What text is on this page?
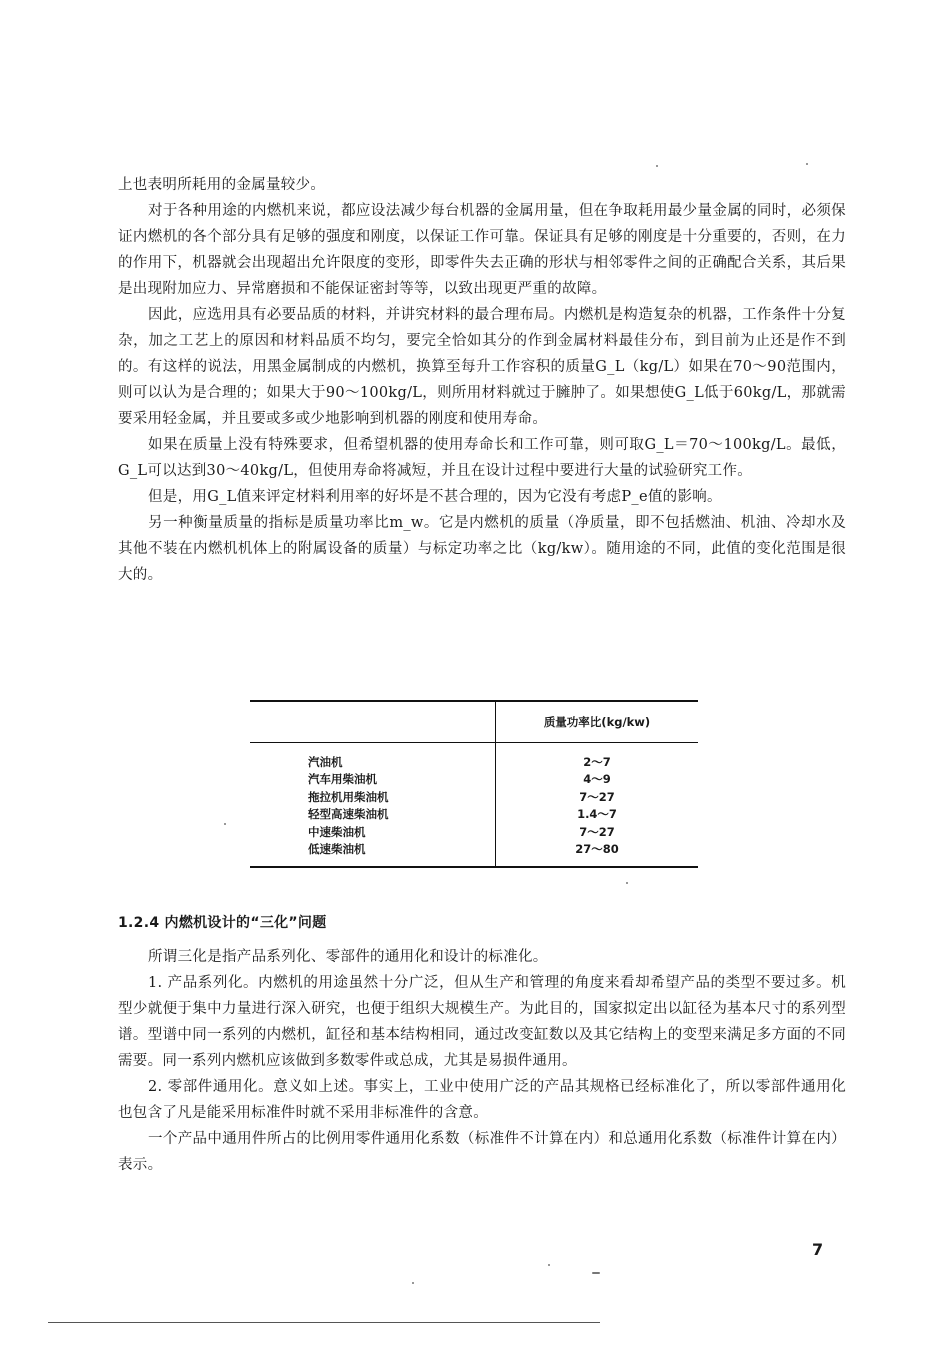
上也表明所耗用的金属量较少。

对于各种用途的内燃机来说，都应设法减少每台机器的金属用量，但在争取耗用最少量金属的同时，必须保证内燃机的各个部分具有足够的强度和刚度，以保证工作可靠。保证具有足够的刚度是十分重要的，否则，在力的作用下，机器就会出现超出允许限度的变形，即零件失去正确的形状与相邻零件之间的正确配合关系，其后果是出现附加应力、异常磨损和不能保证密封等等，以致出现更严重的故障。

因此，应选用具有必要品质的材料，并讲究材料的最合理布局。内燃机是构造复杂的机器，工作条件十分复杂，加之工艺上的原因和材料品质不均匀，要完全恰如其分的作到金属材料最佳分布，到目前为止还是作不到的。有这样的说法，用黑金属制成的内燃机，换算至每升工作容积的质量G_L（kg/L）如果在70～90范围内，则可以认为是合理的；如果大于90～100kg/L，则所用材料就过于臃肿了。如果想使G_L低于60kg/L，那就需要采用轻金属，并且要或多或少地影响到机器的刚度和使用寿命。

如果在质量上没有特殊要求，但希望机器的使用寿命长和工作可靠，则可取G_L＝70～100kg/L。最低，G_L可以达到30～40kg/L，但使用寿命将减短，并且在设计过程中要进行大量的试验研究工作。

但是，用G_L值来评定材料利用率的好坏是不甚合理的，因为它没有考虑P_e值的影响。

另一种衡量质量的指标是质量功率比m_w。它是内燃机的质量（净质量，即不包括燃油、机油、冷却水及其他不装在内燃机机体上的附属设备的质量）与标定功率之比（kg/kw）。随用途的不同，此值的变化范围是很大的。

	质量功率比(kg/kw)
汽油机	2～7
汽车用柴油机	4～9
拖拉机用柴油机	7～27
轻型高速柴油机	1.4～7
中速柴油机	7～27
低速柴油机	27～80

1.2.4 内燃机设计的“三化”问题

所谓三化是指产品系列化、零部件的通用化和设计的标准化。

1. 产品系列化。内燃机的用途虽然十分广泛，但从生产和管理的角度来看却希望产品的类型不要过多。机型少就便于集中力量进行深入研究，也便于组织大规模生产。为此目的，国家拟定出以缸径为基本尺寸的系列型谱。型谱中同一系列的内燃机，缸径和基本结构相同，通过改变缸数以及其它结构上的变型来满足多方面的不同需要。同一系列内燃机应该做到多数零件或总成，尤其是易损件通用。

2. 零部件通用化。意义如上述。事实上，工业中使用广泛的产品其规格已经标准化了，所以零部件通用化也包含了凡是能采用标准件时就不采用非标准件的含意。

一个产品中通用件所占的比例用零件通用化系数（标准件不计算在内）和总通用化系数（标准件计算在内）表示。

7
